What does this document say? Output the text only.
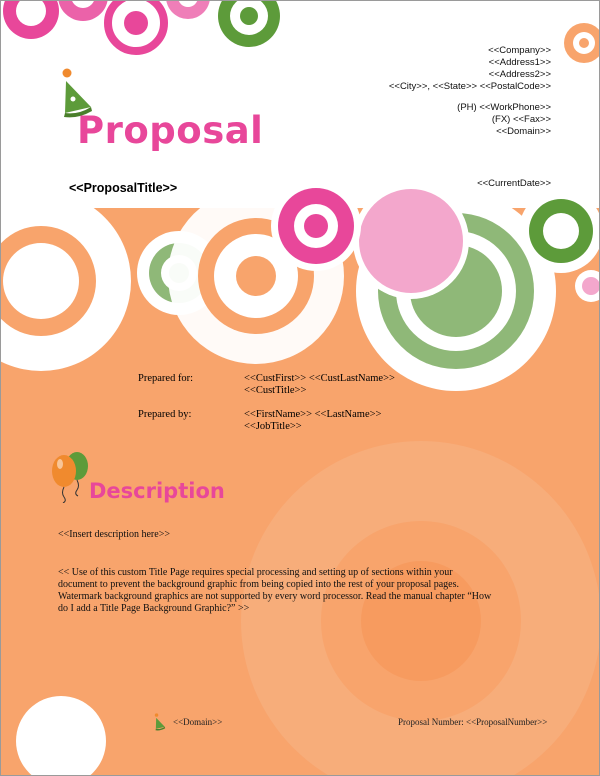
<<Company>>
<<Address1>>
<<Address2>>
<<City>>, <<State>> <<PostalCode>>
(PH) <<WorkPhone>>
(FX) <<Fax>>
<<Domain>>
Proposal
<<ProposalTitle>>	<<CurrentDate>>
Prepared for:	<<CustFirst>> <<CustLastName>>
<<CustTitle>>
Prepared by:	<<FirstName>> <<LastName>>
<<JobTitle>>
Description
<<Insert description here>>
<< Use of this custom Title Page requires special processing and setting up of sections within your
document to prevent the background graphic from being copied into the rest of your proposal pages.
Watermark background graphics are not supported by every word processor. Read the manual chapter “How
do I add a Title Page Background Graphic?” >>
<<Domain>>	Proposal Number: <<ProposalNumber>>
